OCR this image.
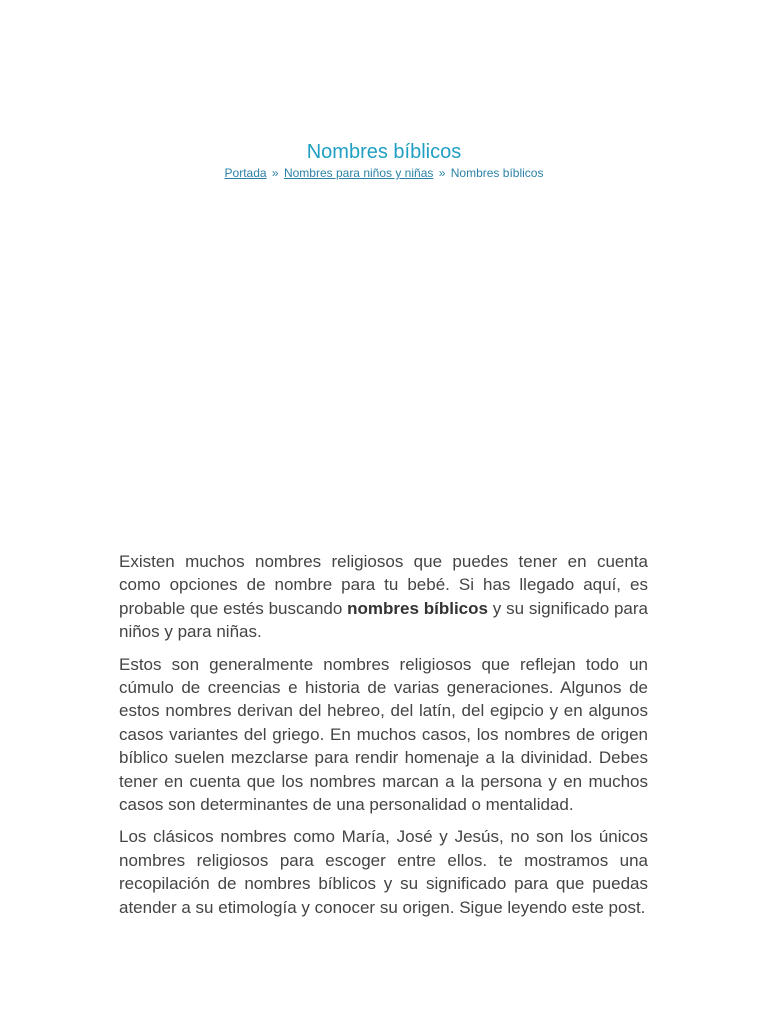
Nombres bíblicos
Portada » Nombres para niños y niñas » Nombres bíblicos

Existen muchos nombres religiosos que puedes tener en cuenta como opciones de nombre para tu bebé. Si has llegado aquí, es probable que estés buscando nombres bíblicos y su significado para niños y para niñas.

Estos son generalmente nombres religiosos que reflejan todo un cúmulo de creencias e historia de varias generaciones. Algunos de estos nombres derivan del hebreo, del latín, del egipcio y en algunos casos variantes del griego. En muchos casos, los nombres de origen bíblico suelen mezclarse para rendir homenaje a la divinidad. Debes tener en cuenta que los nombres marcan a la persona y en muchos casos son determinantes de una personalidad o mentalidad.

Los clásicos nombres como María, José y Jesús, no son los únicos nombres religiosos para escoger entre ellos. te mostramos una recopilación de nombres bíblicos y su significado para que puedas atender a su etimología y conocer su origen. Sigue leyendo este post.
